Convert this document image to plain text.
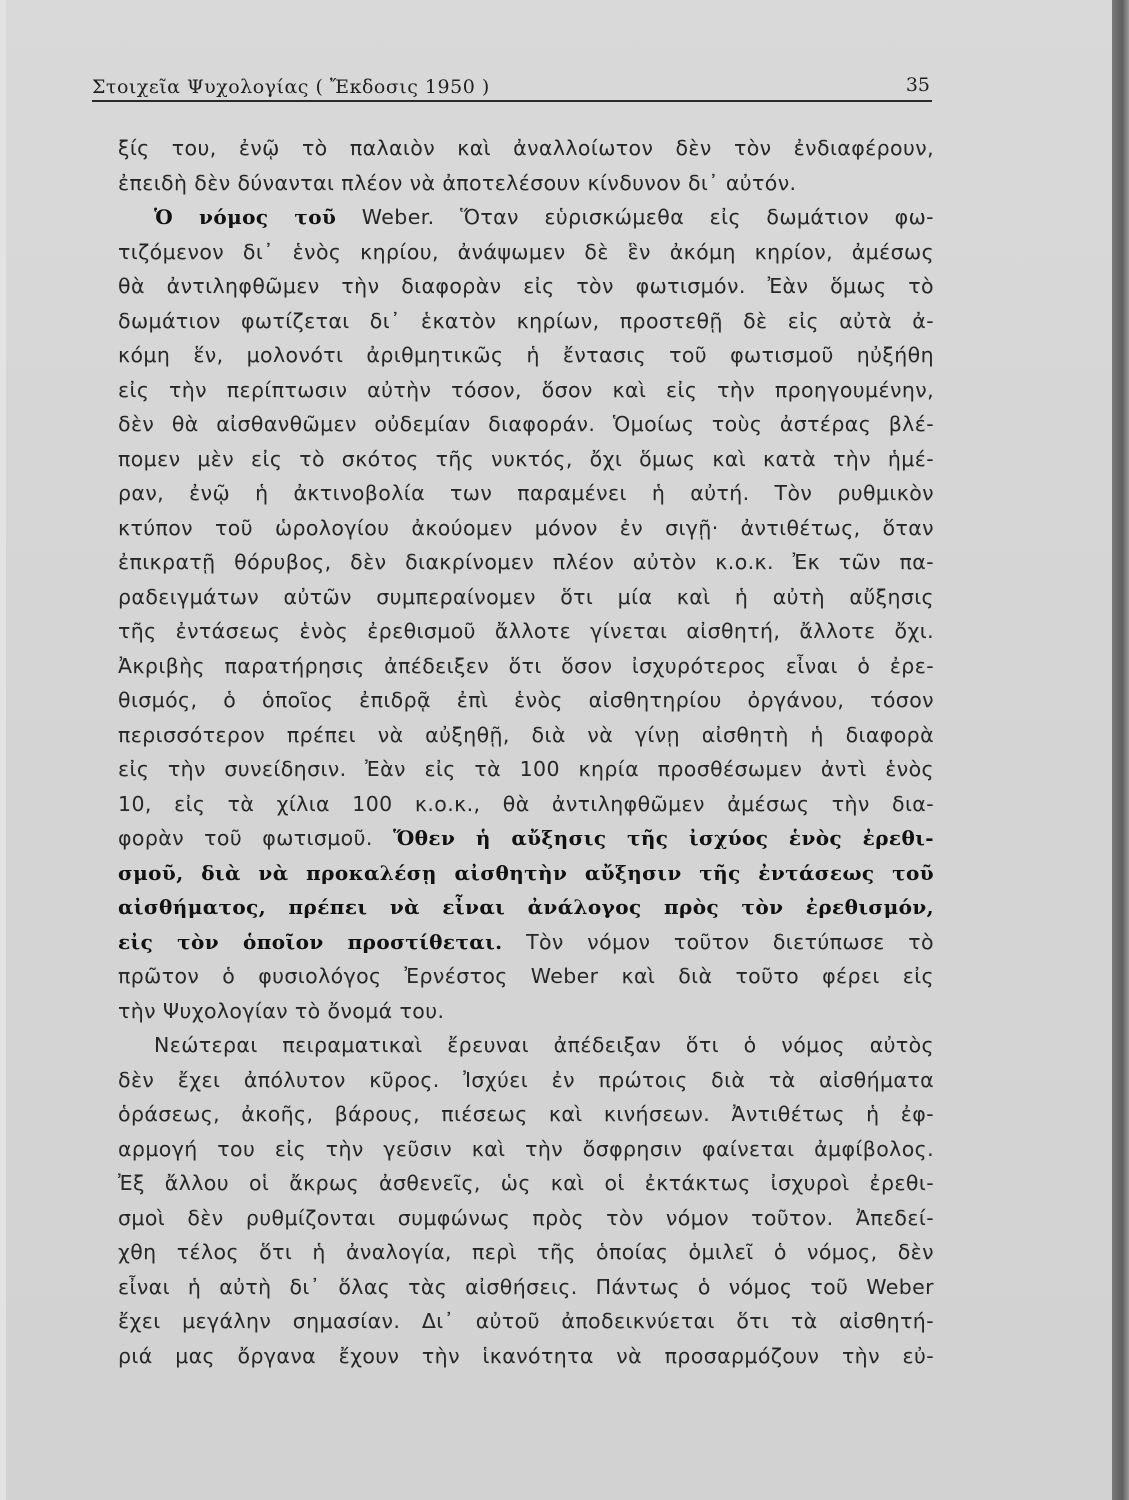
Στοιχεῖα Ψυχολογίας ( Ἔκδοσις 1950 )	35
ξίς του, ἐνῷ τὸ παλαιὸν καὶ ἀναλλοίωτον δὲν τὸν ἐνδιαφέρουν,
ἐπειδὴ δὲν δύνανται πλέον νὰ ἀποτελέσουν κίνδυνον δι᾿ αὐτόν.
Ὁ νόμος τοῦ Weber. Ὅταν εὑρισκώμεθα εἰς δωμάτιον φω-
τιζόμενον δι᾿ ἑνὸς κηρίου, ἀνάψωμεν δὲ ἓν ἀκόμη κηρίον, ἀμέσως
θὰ ἀντιληφθῶμεν τὴν διαφορὰν εἰς τὸν φωτισμόν. Ἐὰν ὅμως τὸ
δωμάτιον φωτίζεται δι᾿ ἑκατὸν κηρίων, προστεθῇ δὲ εἰς αὐτὰ ἀ-
κόμη ἕν, μολονότι ἀριθμητικῶς ἡ ἔντασις τοῦ φωτισμοῦ ηὐξήθη
εἰς τὴν περίπτωσιν αὐτὴν τόσον, ὅσον καὶ εἰς τὴν προηγουμένην,
δὲν θὰ αἰσθανθῶμεν οὐδεμίαν διαφοράν. Ὁμοίως τοὺς ἀστέρας βλέ-
πομεν μὲν εἰς τὸ σκότος τῆς νυκτός, ὄχι ὅμως καὶ κατὰ τὴν ἡμέ-
ραν, ἐνῷ ἡ ἀκτινοβολία των παραμένει ἡ αὐτή. Τὸν ρυθμικὸν
κτύπον τοῦ ὡρολογίου ἀκούομεν μόνον ἐν σιγῇ· ἀντιθέτως, ὅταν
ἐπικρατῇ θόρυβος, δὲν διακρίνομεν πλέον αὐτὸν κ.ο.κ. Ἐκ τῶν πα-
ραδειγμάτων αὐτῶν συμπεραίνομεν ὅτι μία καὶ ἡ αὐτὴ αὔξησις
τῆς ἐντάσεως ἑνὸς ἐρεθισμοῦ ἄλλοτε γίνεται αἰσθητή, ἄλλοτε ὄχι.
Ἀκριβὴς παρατήρησις ἀπέδειξεν ὅτι ὅσον ἰσχυρότερος εἶναι ὁ ἐρε-
θισμός, ὁ ὁποῖος ἐπιδρᾷ ἐπὶ ἑνὸς αἰσθητηρίου ὀργάνου, τόσον
περισσότερον πρέπει νὰ αὐξηθῇ, διὰ νὰ γίνῃ αἰσθητὴ ἡ διαφορὰ
εἰς τὴν συνείδησιν. Ἐὰν εἰς τὰ 100 κηρία προσθέσωμεν ἀντὶ ἑνὸς
10, εἰς τὰ χίλια 100 κ.ο.κ., θὰ ἀντιληφθῶμεν ἀμέσως τὴν δια-
φορὰν τοῦ φωτισμοῦ. Ὅθεν ἡ αὔξησις τῆς ἰσχύος ἑνὸς ἐρεθι-
σμοῦ, διὰ νὰ προκαλέσῃ αἰσθητὴν αὔξησιν τῆς ἐντάσεως τοῦ
αἰσθήματος, πρέπει νὰ εἶναι ἀνάλογος πρὸς τὸν ἐρεθισμόν,
εἰς τὸν ὁποῖον προστίθεται. Τὸν νόμον τοῦτον διετύπωσε τὸ
πρῶτον ὁ φυσιολόγος Ἐρνέστος Weber καὶ διὰ τοῦτο φέρει εἰς
τὴν Ψυχολογίαν τὸ ὄνομά του.
Νεώτεραι πειραματικαὶ ἔρευναι ἀπέδειξαν ὅτι ὁ νόμος αὐτὸς
δὲν ἔχει ἀπόλυτον κῦρος. Ἰσχύει ἐν πρώτοις διὰ τὰ αἰσθήματα
ὁράσεως, ἀκοῆς, βάρους, πιέσεως καὶ κινήσεων. Ἀντιθέτως ἡ ἐφ-
αρμογή του εἰς τὴν γεῦσιν καὶ τὴν ὄσφρησιν φαίνεται ἀμφίβολος.
Ἐξ ἄλλου οἱ ἄκρως ἀσθενεῖς, ὡς καὶ οἱ ἐκτάκτως ἰσχυροὶ ἐρεθι-
σμοὶ δὲν ρυθμίζονται συμφώνως πρὸς τὸν νόμον τοῦτον. Ἀπεδεί-
χθη τέλος ὅτι ἡ ἀναλογία, περὶ τῆς ὁποίας ὁμιλεῖ ὁ νόμος, δὲν
εἶναι ἡ αὐτὴ δι᾿ ὅλας τὰς αἰσθήσεις. Πάντως ὁ νόμος τοῦ Weber
ἔχει μεγάλην σημασίαν. Δι᾿ αὐτοῦ ἀποδεικνύεται ὅτι τὰ αἰσθητή-
ριά μας ὄργανα ἔχουν τὴν ἱκανότητα νὰ προσαρμόζουν τὴν εὐ-
